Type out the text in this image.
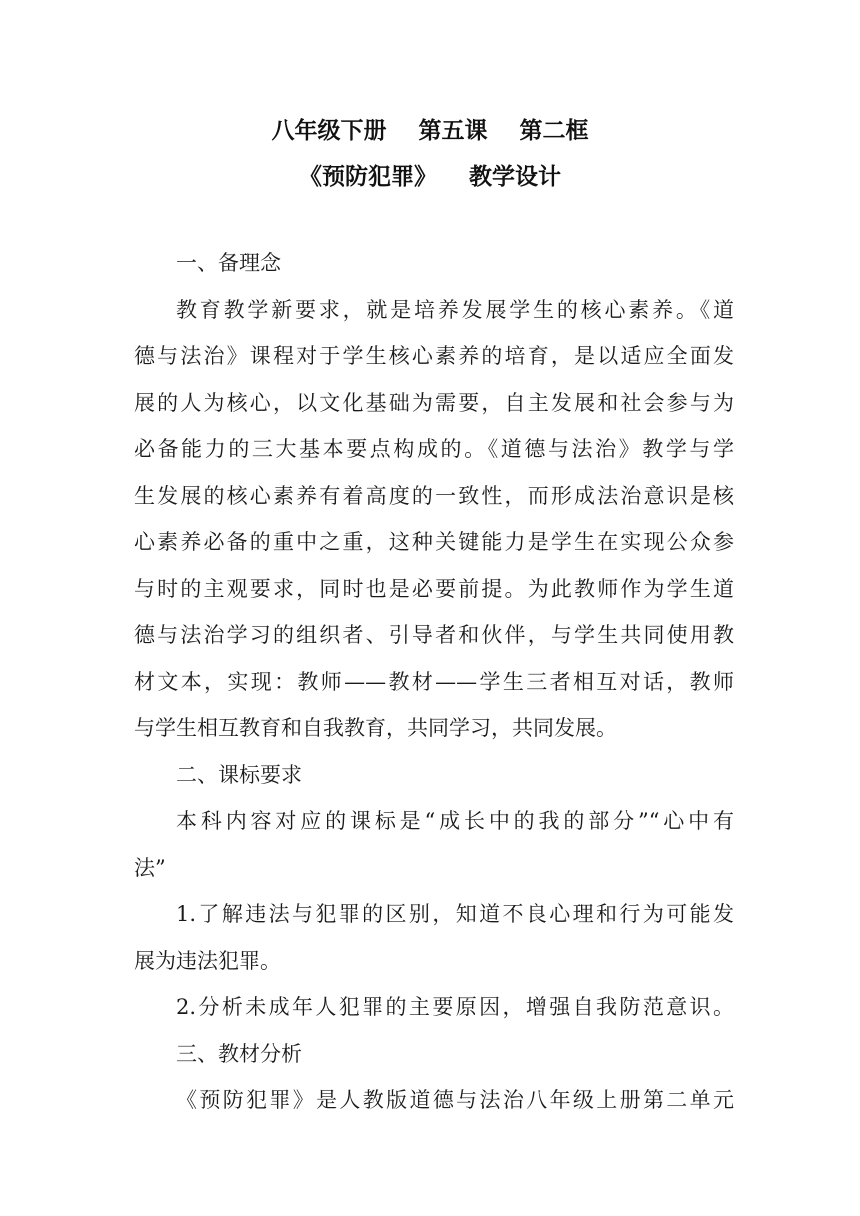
八年级下册    第五课    第二框
《预防犯罪》    教学设计
一、备理念
教育教学新要求，就是培养发展学生的核心素养。《道
德与法治》课程对于学生核心素养的培育，是以适应全面发
展的人为核心，以文化基础为需要，自主发展和社会参与为
必备能力的三大基本要点构成的。《道德与法治》教学与学
生发展的核心素养有着高度的一致性，而形成法治意识是核
心素养必备的重中之重，这种关键能力是学生在实现公众参
与时的主观要求，同时也是必要前提。为此教师作为学生道
德与法治学习的组织者、引导者和伙伴，与学生共同使用教
材文本，实现：教师——教材——学生三者相互对话，教师
与学生相互教育和自我教育，共同学习，共同发展。
二、课标要求
本科内容对应的课标是“成长中的我的部分”“心中有
法”
1.了解违法与犯罪的区别，知道不良心理和行为可能发
展为违法犯罪。
2.分析未成年人犯罪的主要原因，增强自我防范意识。
三、教材分析
《预防犯罪》是人教版道德与法治八年级上册第二单元
